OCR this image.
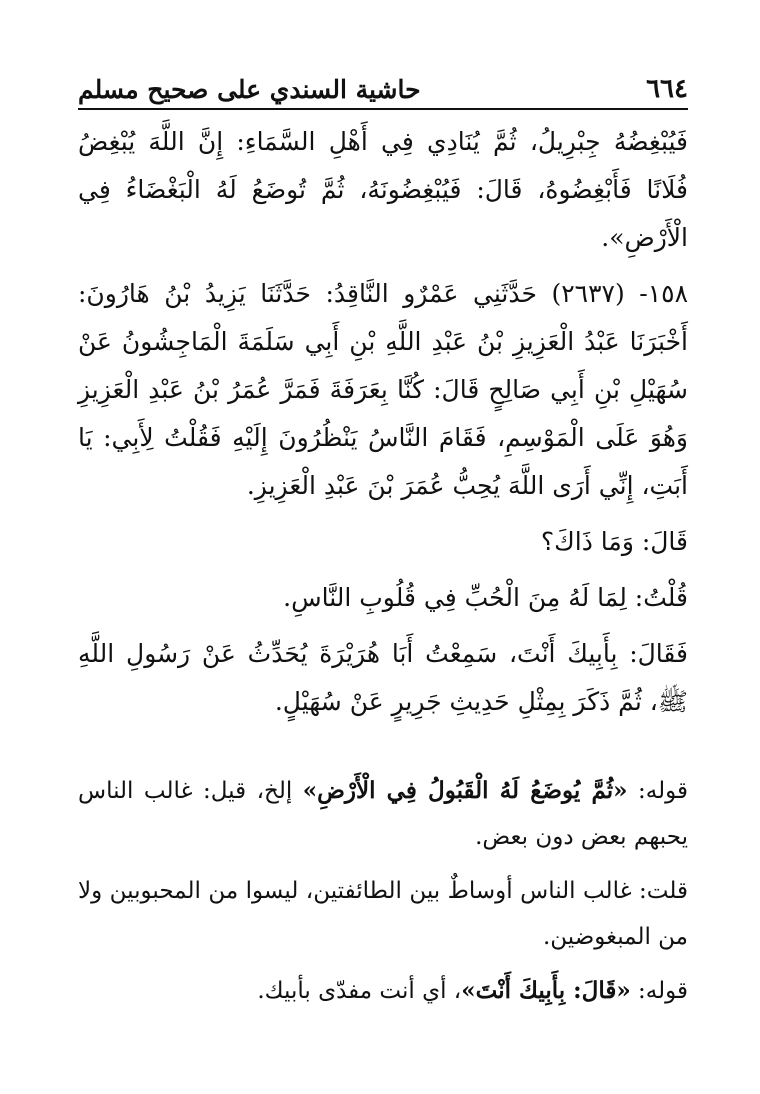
حاشية السندي على صحيح مسلم	٦٦٤

فَيُبْغِضُهُ جِبْرِيلُ، ثُمَّ يُنَادِي فِي أَهْلِ السَّمَاءِ: إِنَّ اللَّهَ يُبْغِضُ فُلَانًا فَأَبْغِضُوهُ، قَالَ: فَيُبْغِضُونَهُ، ثُمَّ تُوضَعُ لَهُ الْبَغْضَاءُ فِي الْأَرْضِ».

١٥٨- (٢٦٣٧) حَدَّثَنِي عَمْرٌو النَّاقِدُ: حَدَّثَنَا يَزِيدُ بْنُ هَارُونَ: أَخْبَرَنَا عَبْدُ الْعَزِيزِ بْنُ عَبْدِ اللَّهِ بْنِ أَبِي سَلَمَةَ الْمَاجِشُونُ عَنْ سُهَيْلِ بْنِ أَبِي صَالِحٍ قَالَ: كُنَّا بِعَرَفَةَ فَمَرَّ عُمَرُ بْنُ عَبْدِ الْعَزِيزِ وَهُوَ عَلَى الْمَوْسِمِ، فَقَامَ النَّاسُ يَنْظُرُونَ إِلَيْهِ فَقُلْتُ لِأَبِي: يَا أَبَتِ، إِنِّي أَرَى اللَّهَ يُحِبُّ عُمَرَ بْنَ عَبْدِ الْعَزِيزِ.

قَالَ: وَمَا ذَاكَ؟

قُلْتُ: لِمَا لَهُ مِنَ الْحُبِّ فِي قُلُوبِ النَّاسِ.

فَقَالَ: بِأَبِيكَ أَنْتَ، سَمِعْتُ أَبَا هُرَيْرَةَ يُحَدِّثُ عَنْ رَسُولِ اللَّهِ ﷺ، ثُمَّ ذَكَرَ بِمِثْلِ حَدِيثِ جَرِيرٍ عَنْ سُهَيْلٍ.

قوله: «ثُمَّ يُوضَعُ لَهُ الْقَبُولُ فِي الْأَرْضِ» إلخ، قيل: غالب الناس يحبهم بعض دون بعض.

قلت: غالب الناس أوساطٌ بين الطائفتين، ليسوا من المحبوبين ولا من المبغوضين.

قوله: «قَالَ: بِأَبِيكَ أَنْتَ»، أي أنت مفدّى بأبيك.
